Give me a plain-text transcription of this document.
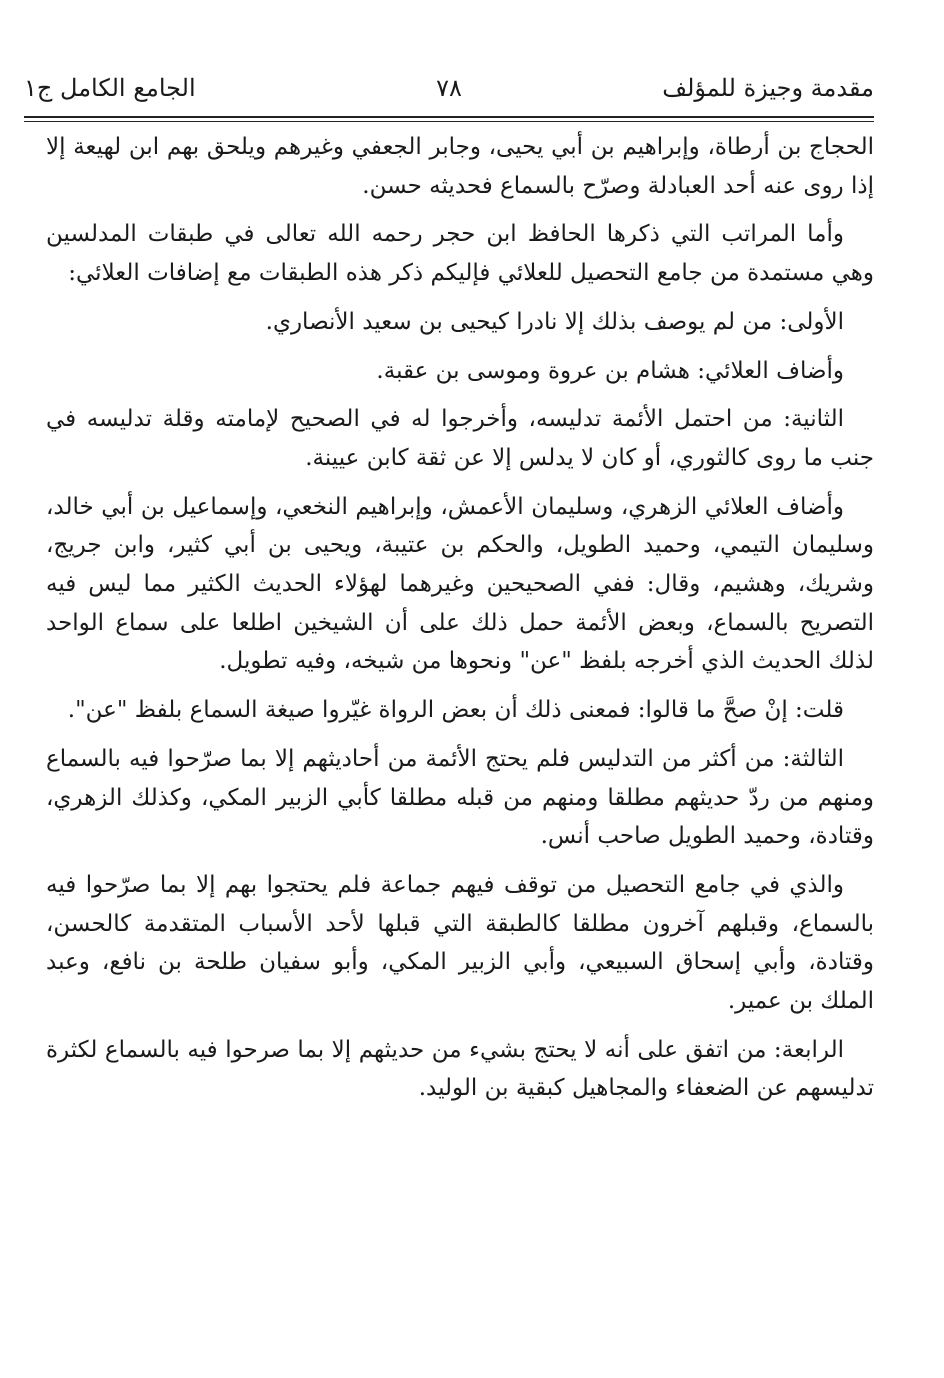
مقدمة وجيزة للمؤلف
٧٨
الجامع الكامل ج١

الحجاج بن أرطاة، وإبراهيم بن أبي يحيى، وجابر الجعفي وغيرهم ويلحق بهم ابن لهيعة إلا إذا روى عنه أحد العبادلة وصرّح بالسماع فحديثه حسن.

وأما المراتب التي ذكرها الحافظ ابن حجر رحمه الله تعالى في طبقات المدلسين وهي مستمدة من جامع التحصيل للعلائي فإليكم ذكر هذه الطبقات مع إضافات العلائي:

الأولى: من لم يوصف بذلك إلا نادرا كيحيى بن سعيد الأنصاري.

وأضاف العلائي: هشام بن عروة وموسى بن عقبة.

الثانية: من احتمل الأئمة تدليسه، وأخرجوا له في الصحيح لإمامته وقلة تدليسه في جنب ما روى كالثوري، أو كان لا يدلس إلا عن ثقة كابن عيينة.

وأضاف العلائي الزهري، وسليمان الأعمش، وإبراهيم النخعي، وإسماعيل بن أبي خالد، وسليمان التيمي، وحميد الطويل، والحكم بن عتيبة، ويحيى بن أبي كثير، وابن جريج، وشريك، وهشيم، وقال: ففي الصحيحين وغيرهما لهؤلاء الحديث الكثير مما ليس فيه التصريح بالسماع، وبعض الأئمة حمل ذلك على أن الشيخين اطلعا على سماع الواحد لذلك الحديث الذي أخرجه بلفظ "عن" ونحوها من شيخه، وفيه تطويل.

قلت: إنْ صحَّ ما قالوا: فمعنى ذلك أن بعض الرواة غيّروا صيغة السماع بلفظ "عن".

الثالثة: من أكثر من التدليس فلم يحتج الأئمة من أحاديثهم إلا بما صرّحوا فيه بالسماع ومنهم من ردّ حديثهم مطلقا ومنهم من قبله مطلقا كأبي الزبير المكي، وكذلك الزهري، وقتادة، وحميد الطويل صاحب أنس.

والذي في جامع التحصيل من توقف فيهم جماعة فلم يحتجوا بهم إلا بما صرّحوا فيه بالسماع، وقبلهم آخرون مطلقا كالطبقة التي قبلها لأحد الأسباب المتقدمة كالحسن، وقتادة، وأبي إسحاق السبيعي، وأبي الزبير المكي، وأبو سفيان طلحة بن نافع، وعبد الملك بن عمير.

الرابعة: من اتفق على أنه لا يحتج بشيء من حديثهم إلا بما صرحوا فيه بالسماع لكثرة تدليسهم عن الضعفاء والمجاهيل كبقية بن الوليد.
